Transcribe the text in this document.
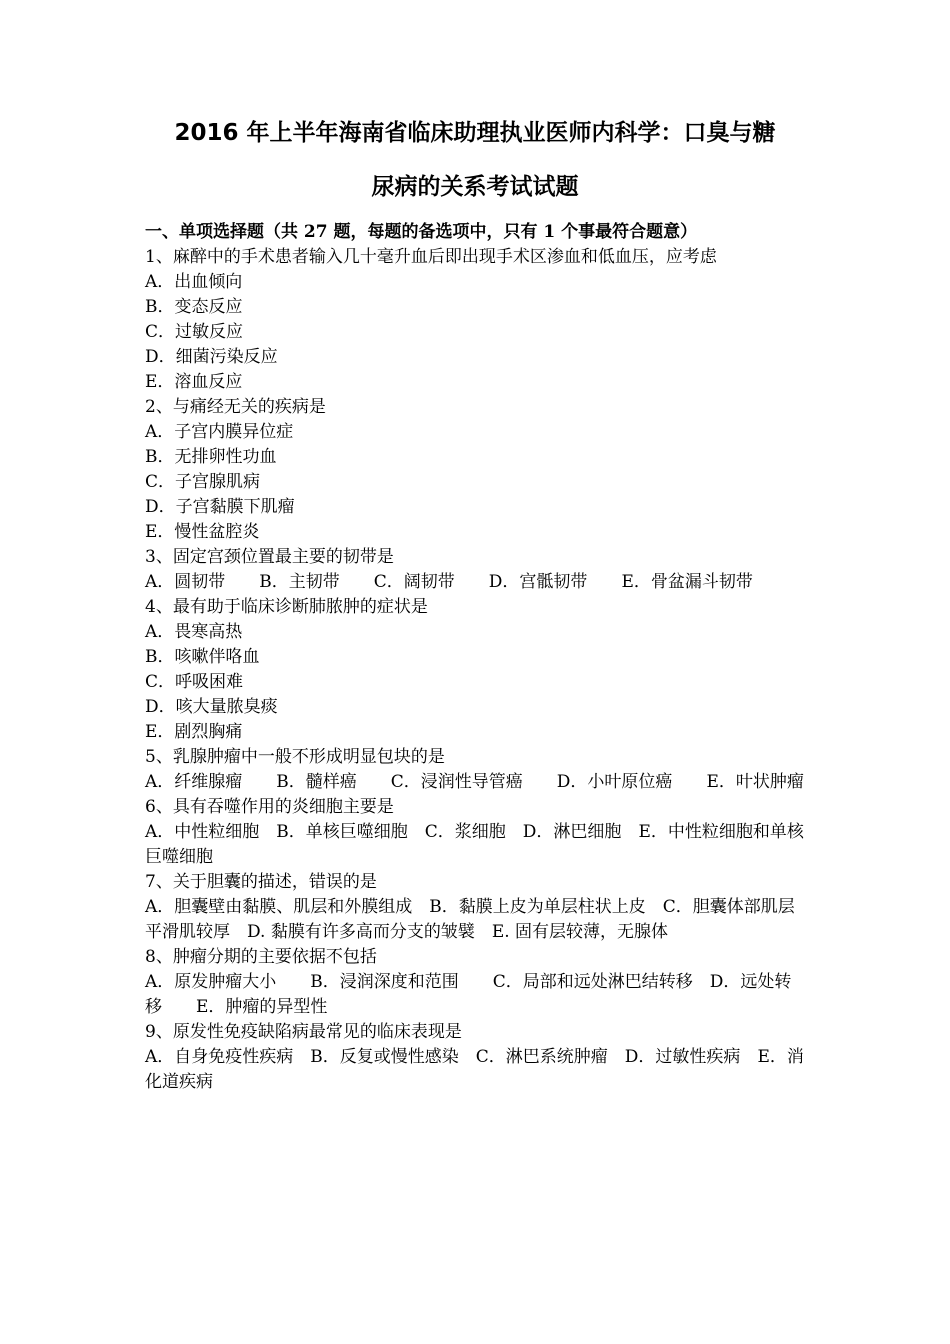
2016 年上半年海南省临床助理执业医师内科学：口臭与糖
尿病的关系考试试题
一、单项选择题（共 27 题，每题的备选项中，只有 1 个事最符合题意）
1、麻醉中的手术患者输入几十毫升血后即出现手术区渗血和低血压，应考虑
A．出血倾向
B．变态反应
C．过敏反应
D．细菌污染反应
E．溶血反应
2、与痛经无关的疾病是
A．子宫内膜异位症
B．无排卵性功血
C．子宫腺肌病
D．子宫黏膜下肌瘤
E．慢性盆腔炎
3、固定宫颈位置最主要的韧带是
A．圆韧带　　 B．主韧带　　 C．阔韧带　　 D．宫骶韧带　　 E．骨盆漏斗韧带
4、最有助于临床诊断肺脓肿的症状是
A．畏寒高热
B．咳嗽伴咯血
C．呼吸困难
D．咳大量脓臭痰
E．剧烈胸痛
5、乳腺肿瘤中一般不形成明显包块的是
A．纤维腺瘤　　 B．髓样癌　　 C．浸润性导管癌　　 D．小叶原位癌　　 E．叶状肿瘤
6、具有吞噬作用的炎细胞主要是
A．中性粒细胞　 B．单核巨噬细胞　 C．浆细胞　 D．淋巴细胞　 E．中性粒细胞和单核巨噬细胞
7、关于胆囊的描述，错误的是
A．胆囊壁由黏膜、肌层和外膜组成　 B．黏膜上皮为单层柱状上皮　 C．胆囊体部肌层平滑肌较厚　 D. 黏膜有许多高而分支的皱襞　 E. 固有层较薄，无腺体
8、肿瘤分期的主要依据不包括
A．原发肿瘤大小　　 B．浸润深度和范围　　 C．局部和远处淋巴结转移　 D．远处转移　　 E．肿瘤的异型性
9、原发性免疫缺陷病最常见的临床表现是
A．自身免疫性疾病　 B．反复或慢性感染　 C．淋巴系统肿瘤　 D．过敏性疾病　 E．消化道疾病
